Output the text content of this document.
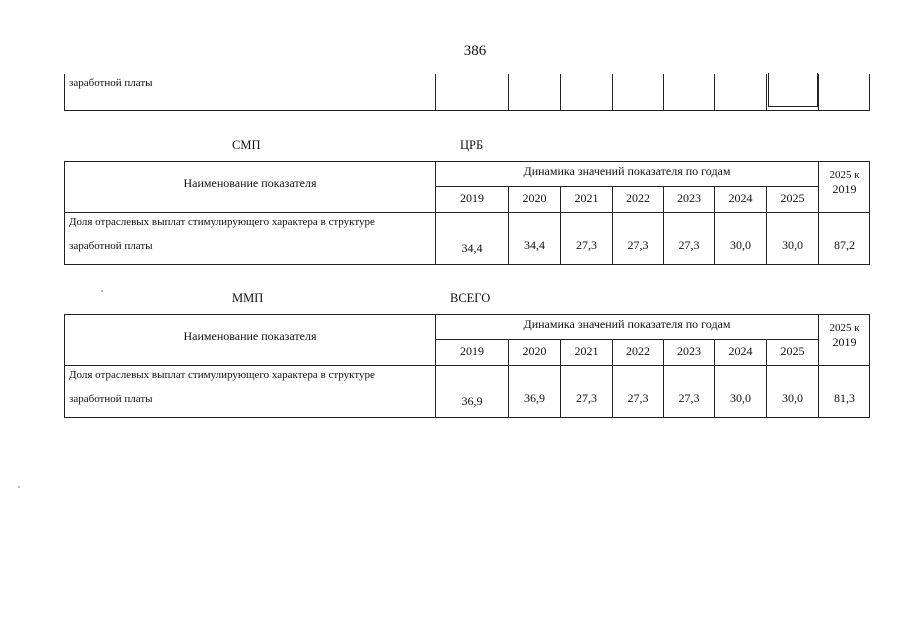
386
заработной платы
СМП	ЦРБ
Наименование показателя
Динамика значений показателя по годам	2025 к
2019
2019	2020	2021	2022	2023	2024	2025
Доля отраслевых выплат стимулирующего характера в структуре
заработной платы	34,4	34,4	27,3	27,3	27,3	30,0	30,0	87,2
ММП	ВСЕГО
Наименование показателя
Динамика значений показателя по годам	2025 к
2019
2019	2020	2021	2022	2023	2024	2025
Доля отраслевых выплат стимулирующего характера в структуре
заработной платы	36,9	36,9	27,3	27,3	27,3	30,0	30,0	81,3
